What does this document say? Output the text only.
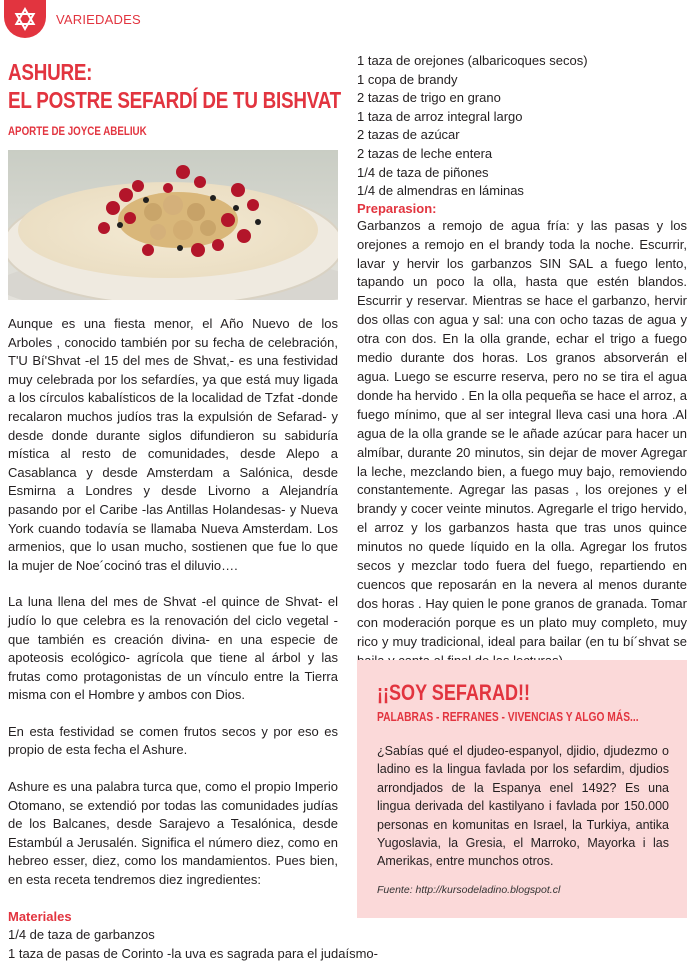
VARIEDADES
ASHURE:
EL POSTRE SEFARDÍ DE TU BISHVAT
APORTE DE JOYCE ABELIUK

Aunque es una fiesta menor, el Año Nuevo de los Arboles , conocido también por su fecha de celebración, T'U Bí'Shvat -el 15 del mes de Shvat,- es una festividad muy celebrada por los sefardíes, ya que está muy ligada a los círculos kabalísticos de la localidad de Tzfat -donde recalaron muchos judíos tras la expulsión de Sefarad- y desde donde durante siglos difundieron su sabiduría mística al resto de comunidades, desde Alepo a Casablanca y desde Amsterdam a Salónica, desde Esmirna a Londres y desde Livorno a Alejandría pasando por el Caribe -las Antillas Holandesas- y Nueva York cuando todavía se llamaba Nueva Amsterdam. Los armenios, que lo usan mucho, sostienen que fue lo que la mujer de Noe´cocinó tras el diluvio….

La luna llena del mes de Shvat -el quince de Shvat- el judío lo que celebra es la renovación del ciclo vegetal -que también es creación divina- en una especie de apoteosis ecológico- agrícola que tiene al árbol y las frutas como protagonistas de un vínculo entre la Tierra misma con el Hombre y ambos con Dios.

En esta festividad se comen frutos secos y por eso es propio de esta fecha el Ashure.

Ashure es una palabra turca que, como el propio Imperio Otomano, se extendió por todas las comunidades judías de los Balcanes, desde Sarajevo a Tesalónica, desde Estambúl a Jerusalén. Significa el número diez, como en hebreo esser, diez, como los mandamientos. Pues bien, en esta receta tendremos diez ingredientes:

Materiales
1/4 de taza de garbanzos
1 taza de pasas de Corinto -la uva es sagrada para el judaísmo-
1 taza de orejones (albaricoques secos)
1 copa de brandy
2 tazas de trigo en grano
1 taza de arroz integral largo
2 tazas de azúcar
2 tazas de leche entera
1/4 de taza de piñones
1/4 de almendras en láminas
Preparasion:

Garbanzos a remojo de agua fría: y las pasas y los orejones a remojo en el brandy toda la noche. Escurrir, lavar y hervir los garbanzos SIN SAL a fuego lento, tapando un poco la olla, hasta que estén blandos. Escurrir y reservar. Mientras se hace el garbanzo, hervir dos ollas con agua y sal: una con ocho tazas de agua y otra con dos. En la olla grande, echar el trigo a fuego medio durante dos horas. Los granos absorverán el agua. Luego se escurre reserva, pero no se tira el agua donde ha hervido . En la olla pequeña se hace el arroz, a fuego mínimo, que al ser integral lleva casi una hora .Al agua de la olla grande se le añade azúcar para hacer un almíbar, durante 20 minutos, sin dejar de mover Agregar la leche, mezclando bien, a fuego muy bajo, removiendo constantemente. Agregar las pasas , los orejones y el brandy y cocer veinte minutos. Agregarle el trigo hervido, el arroz y los garbanzos hasta que tras unos quince minutos no quede líquido en la olla. Agregar los frutos secos y mezclar todo fuera del fuego, repartiendo en cuencos que reposarán en la nevera al menos durante dos horas . Hay quien le pone granos de granada. Tomar con moderación porque es un plato muy completo, muy rico y muy tradicional, ideal para bailar (en tu bí´shvat se

¡¡SOY SEFARAD!!
PALABRAS - REFRANES - VIVENCIAS Y ALGO MÁS...

¿Sabías qué el djudeo-espanyol, djidio, djudezmo o ladino es la lingua favlada por los sefardim, djudios arrondjados de la Espanya enel 1492? Es una lingua derivada del kastilyano i favlada por 150.000 personas en komunitas en Israel, la Turkiya, antika Yugoslavia, la Gresia, el Marroko, Mayorka i las Amerikas, entre munchos otros.

Fuente: http://kursodeladino.blogspot.cl
